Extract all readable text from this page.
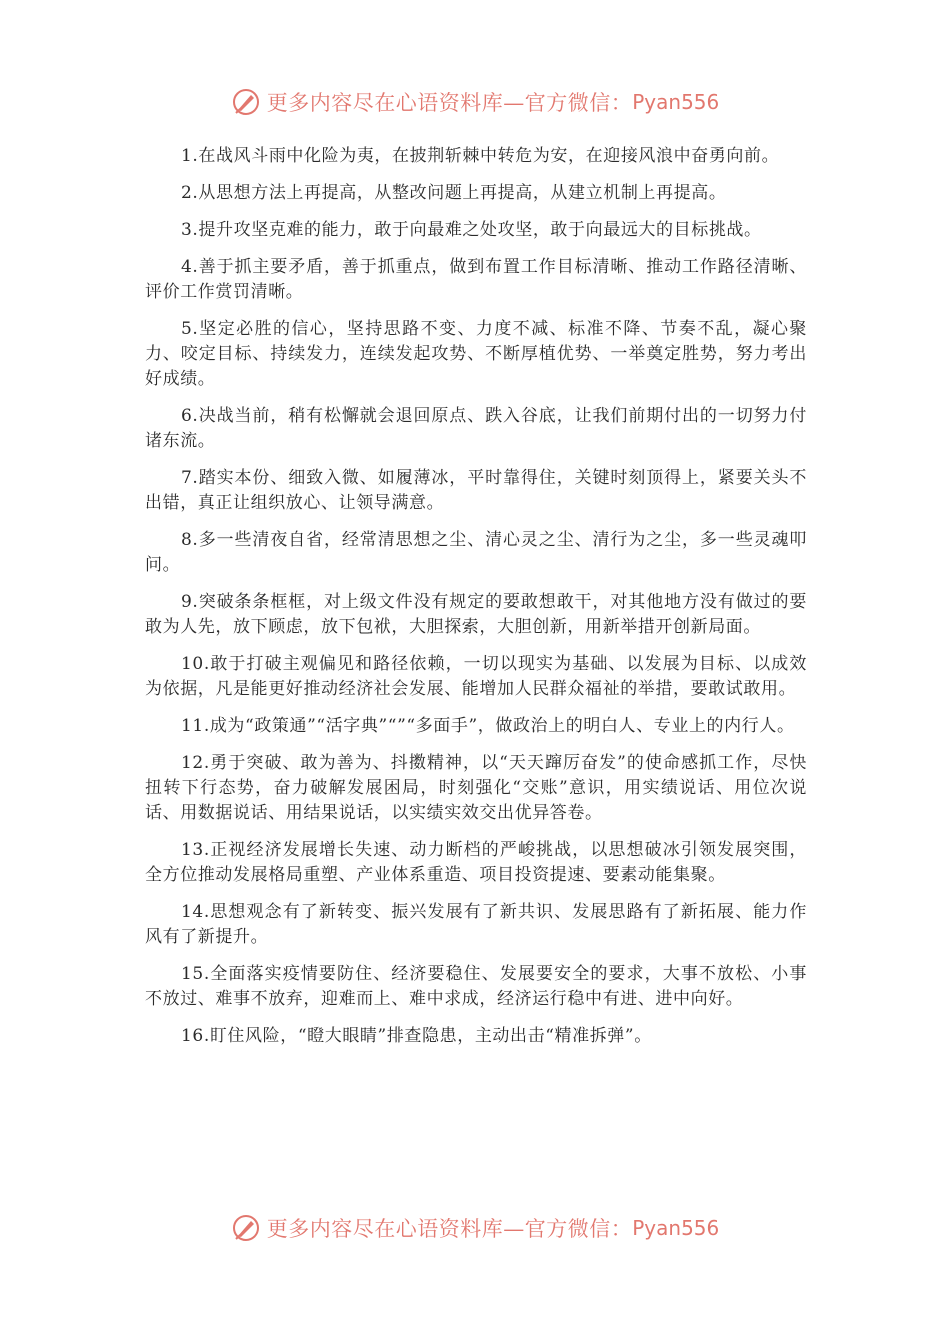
更多内容尽在心语资料库—官方微信： Pyan556

1.在战风斗雨中化险为夷，在披荆斩棘中转危为安，在迎接风浪中奋勇向前。

2.从思想方法上再提高，从整改问题上再提高，从建立机制上再提高。

3.提升攻坚克难的能力，敢于向最难之处攻坚，敢于向最远大的目标挑战。

4.善于抓主要矛盾，善于抓重点，做到布置工作目标清晰、推动工作路径清晰、评价工作赏罚清晰。

5.坚定必胜的信心，坚持思路不变、力度不减、标准不降、节奏不乱，凝心聚力、咬定目标、持续发力，连续发起攻势、不断厚植优势、一举奠定胜势，努力考出好成绩。

6.决战当前，稍有松懈就会退回原点、跌入谷底，让我们前期付出的一切努力付诸东流。

7.踏实本份、细致入微、如履薄冰，平时靠得住，关键时刻顶得上，紧要关头不出错，真正让组织放心、让领导满意。

8.多一些清夜自省，经常清思想之尘、清心灵之尘、清行为之尘，多一些灵魂叩问。

9.突破条条框框，对上级文件没有规定的要敢想敢干，对其他地方没有做过的要敢为人先，放下顾虑，放下包袱，大胆探索，大胆创新，用新举措开创新局面。

10.敢于打破主观偏见和路径依赖，一切以现实为基础、以发展为目标、以成效为依据，凡是能更好推动经济社会发展、能增加人民群众福祉的举措，要敢试敢用。

11.成为“政策通”“活字典”“”“多面手”，做政治上的明白人、专业上的内行人。

12.勇于突破、敢为善为、抖擞精神，以“天天蹿厉奋发”的使命感抓工作，尽快扭转下行态势，奋力破解发展困局，时刻强化“交账”意识，用实绩说话、用位次说话、用数据说话、用结果说话，以实绩实效交出优异答卷。

13.正视经济发展增长失速、动力断档的严峻挑战，以思想破冰引领发展突围，全方位推动发展格局重塑、产业体系重造、项目投资提速、要素动能集聚。

14.思想观念有了新转变、振兴发展有了新共识、发展思路有了新拓展、能力作风有了新提升。

15.全面落实疫情要防住、经济要稳住、发展要安全的要求，大事不放松、小事不放过、难事不放弃，迎难而上、难中求成，经济运行稳中有进、进中向好。

16.盯住风险，“瞪大眼睛”排查隐患，主动出击“精准拆弹”。

更多内容尽在心语资料库—官方微信： Pyan556
